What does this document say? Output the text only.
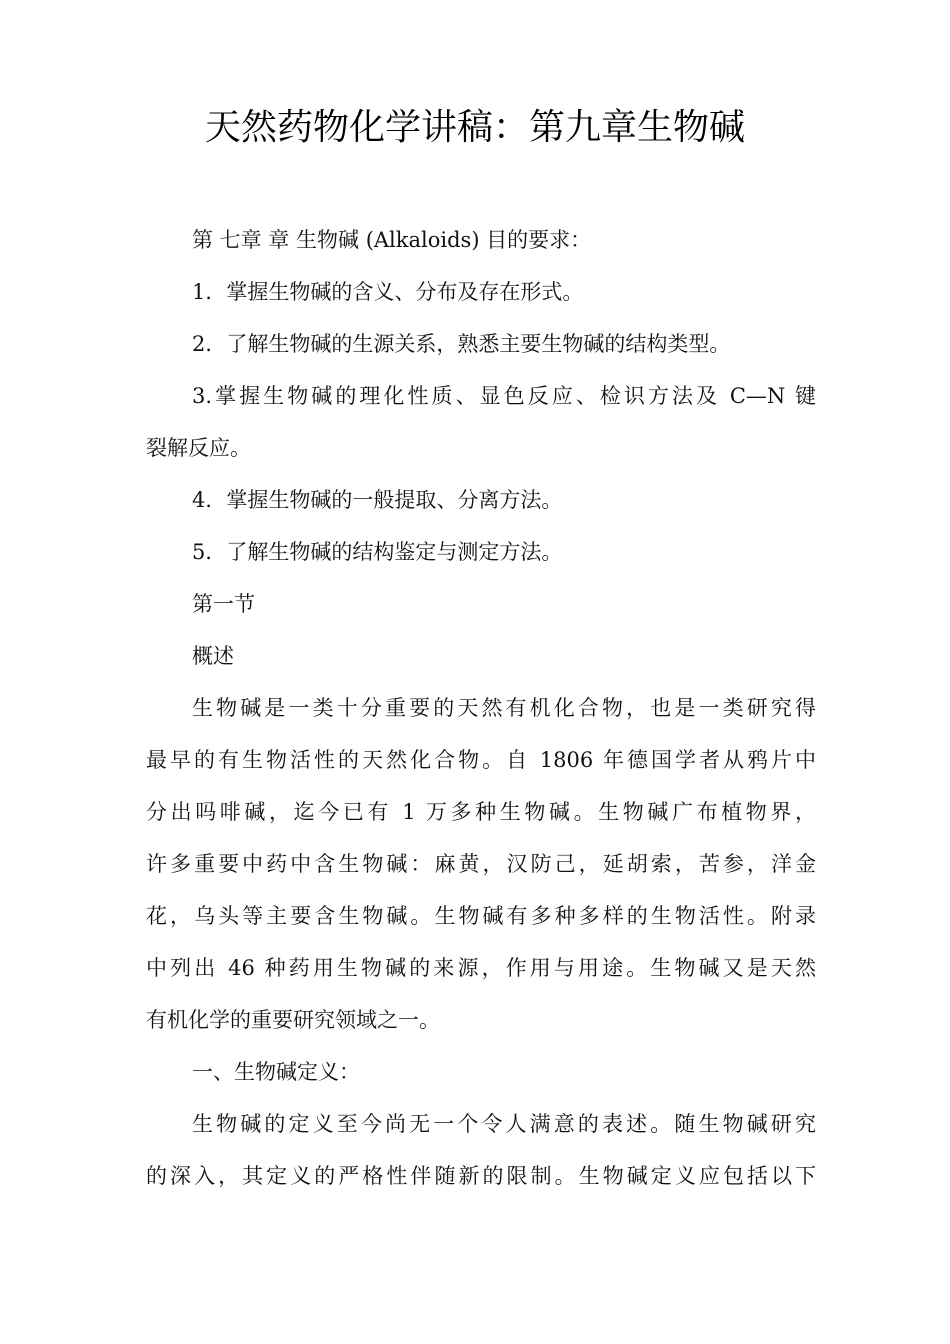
天然药物化学讲稿：第九章生物碱
第 七章 章 生物碱 (Alkaloids) 目的要求：
1．掌握生物碱的含义、分布及存在形式。
2．了解生物碱的生源关系，熟悉主要生物碱的结构类型。
3.掌握生物碱的理化性质、显色反应、检识方法及 C—N 键
裂解反应。
4．掌握生物碱的一般提取、分离方法。
5．了解生物碱的结构鉴定与测定方法。
第一节
概述
生物碱是一类十分重要的天然有机化合物，也是一类研究得
最早的有生物活性的天然化合物。自 1806 年德国学者从鸦片中
分出吗啡碱，迄今已有 1 万多种生物碱。生物碱广布植物界，
许多重要中药中含生物碱：麻黄，汉防己，延胡索，苦参，洋金
花，乌头等主要含生物碱。生物碱有多种多样的生物活性。附录
中列出 46 种药用生物碱的来源，作用与用途。生物碱又是天然
有机化学的重要研究领域之一。
一、生物碱定义：
生物碱的定义至今尚无一个令人满意的表述。随生物碱研究
的深入，其定义的严格性伴随新的限制。生物碱定义应包括以下
